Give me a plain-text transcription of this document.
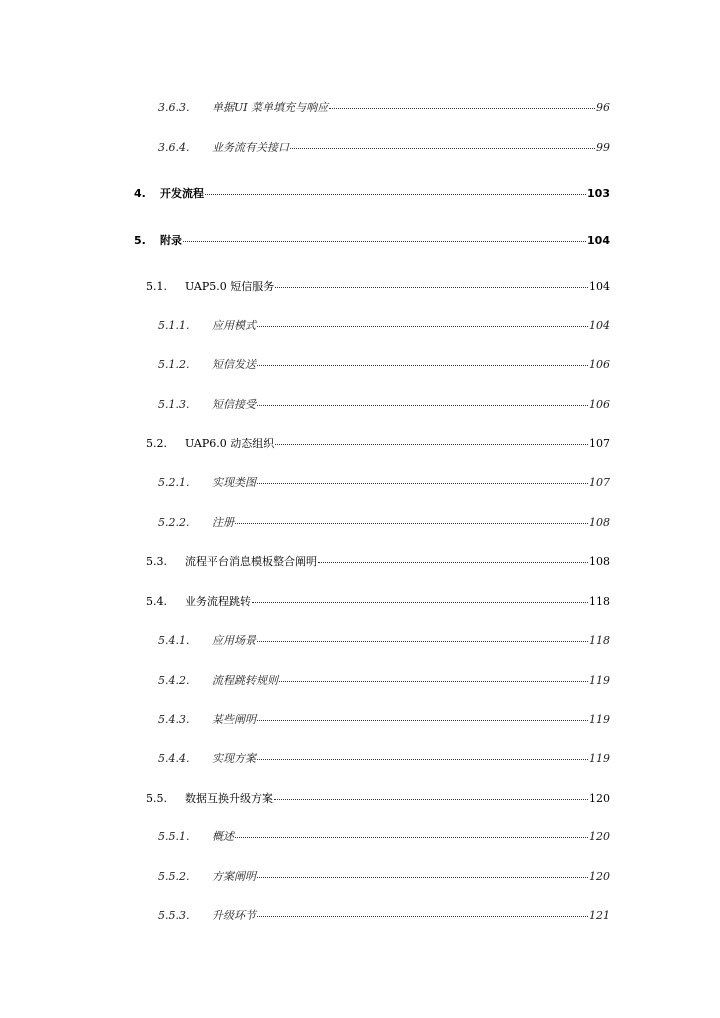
3.6.3.	单据UI 菜单填充与响应	96
3.6.4.	业务流有关接口	99
4.	开发流程	103
5.	附录	104
5.1.	UAP5.0 短信服务	104
5.1.1.	应用模式	104
5.1.2.	短信发送	106
5.1.3.	短信接受	106
5.2.	UAP6.0 动态组织	107
5.2.1.	实现类图	107
5.2.2.	注册	108
5.3.	流程平台消息模板整合阐明	108
5.4.	业务流程跳转	118
5.4.1.	应用场景	118
5.4.2.	流程跳转规则	119
5.4.3.	某些阐明	119
5.4.4.	实现方案	119
5.5.	数据互换升级方案	120
5.5.1.	概述	120
5.5.2.	方案阐明	120
5.5.3.	升级环节	121
